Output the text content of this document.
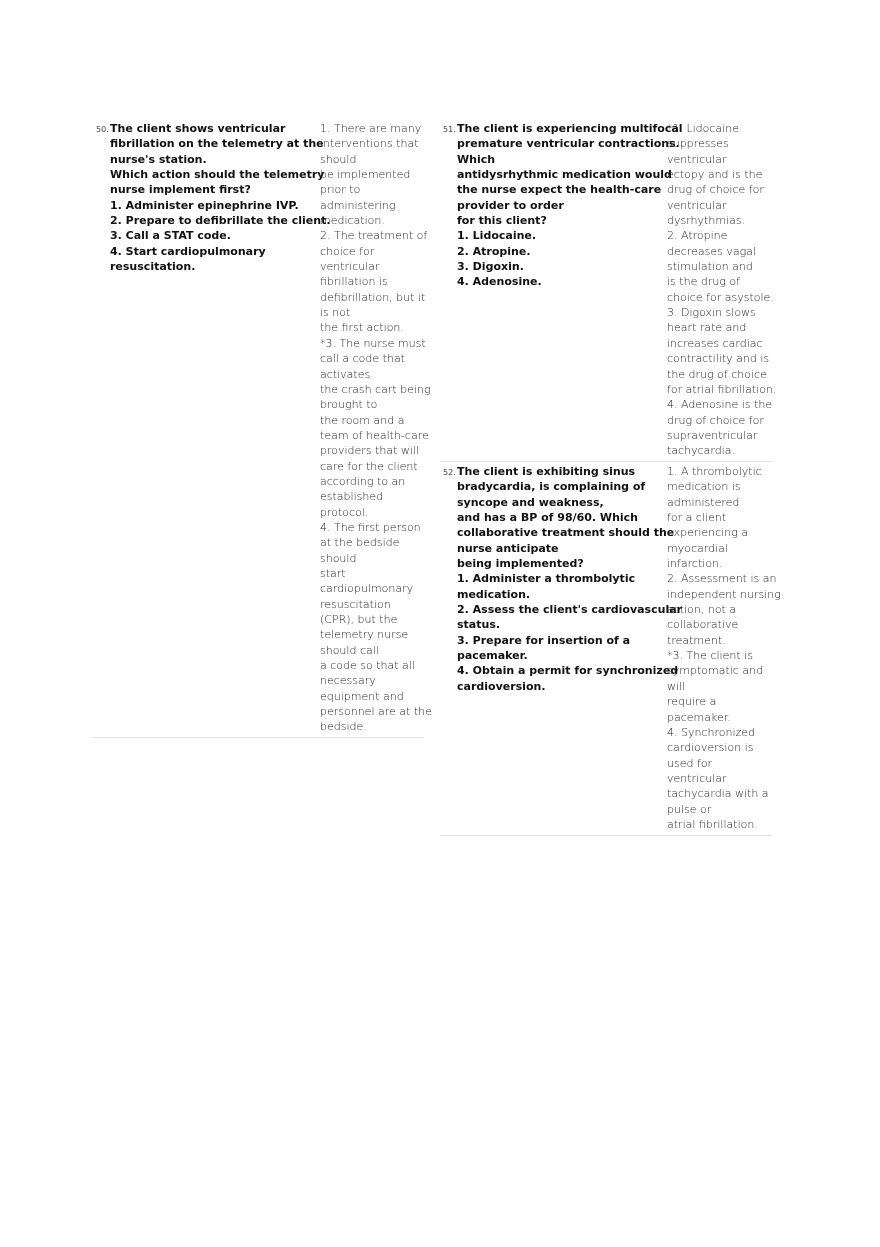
50. The client shows ventricular
fibrillation on the telemetry at the
nurse's station.
Which action should the telemetry
nurse implement first?
1. Administer epinephrine IVP.
2. Prepare to defibrillate the client.
3. Call a STAT code.
4. Start cardiopulmonary
resuscitation.
1. There are many
interventions that
should
be implemented
prior to
administering
medication.
2. The treatment of
choice for
ventricular
fibrillation is
defibrillation, but it
is not
the first action.
*3. The nurse must
call a code that
activates
the crash cart being
brought to
the room and a
team of health-care
providers that will
care for the client
according to an
established
protocol.
4. The first person
at the bedside
should
start
cardiopulmonary
resuscitation
(CPR), but the
telemetry nurse
should call
a code so that all
necessary
equipment and
personnel are at the
bedside.
51. The client is experiencing multifocal
premature ventricular contractions.
Which
antidysrhythmic medication would
the nurse expect the health-care
provider to order
for this client?
1. Lidocaine.
2. Atropine.
3. Digoxin.
4. Adenosine.
*1. Lidocaine
suppresses
ventricular
ectopy and is the
drug of choice for
ventricular
dysrhythmias.
2. Atropine
decreases vagal
stimulation and
is the drug of
choice for asystole.
3. Digoxin slows
heart rate and
increases cardiac
contractility and is
the drug of choice
for atrial fibrillation.
4. Adenosine is the
drug of choice for
supraventricular
tachycardia.
52. The client is exhibiting sinus
bradycardia, is complaining of
syncope and weakness,
and has a BP of 98/60. Which
collaborative treatment should the
nurse anticipate
being implemented?
1. Administer a thrombolytic
medication.
2. Assess the client's cardiovascular
status.
3. Prepare for insertion of a
pacemaker.
4. Obtain a permit for synchronized
cardioversion.
1. A thrombolytic
medication is
administered
for a client
experiencing a
myocardial
infarction.
2. Assessment is an
independent nursing
action, not a
collaborative
treatment.
*3. The client is
symptomatic and
will
require a
pacemaker.
4. Synchronized
cardioversion is
used for
ventricular
tachycardia with a
pulse or
atrial fibrillation.
